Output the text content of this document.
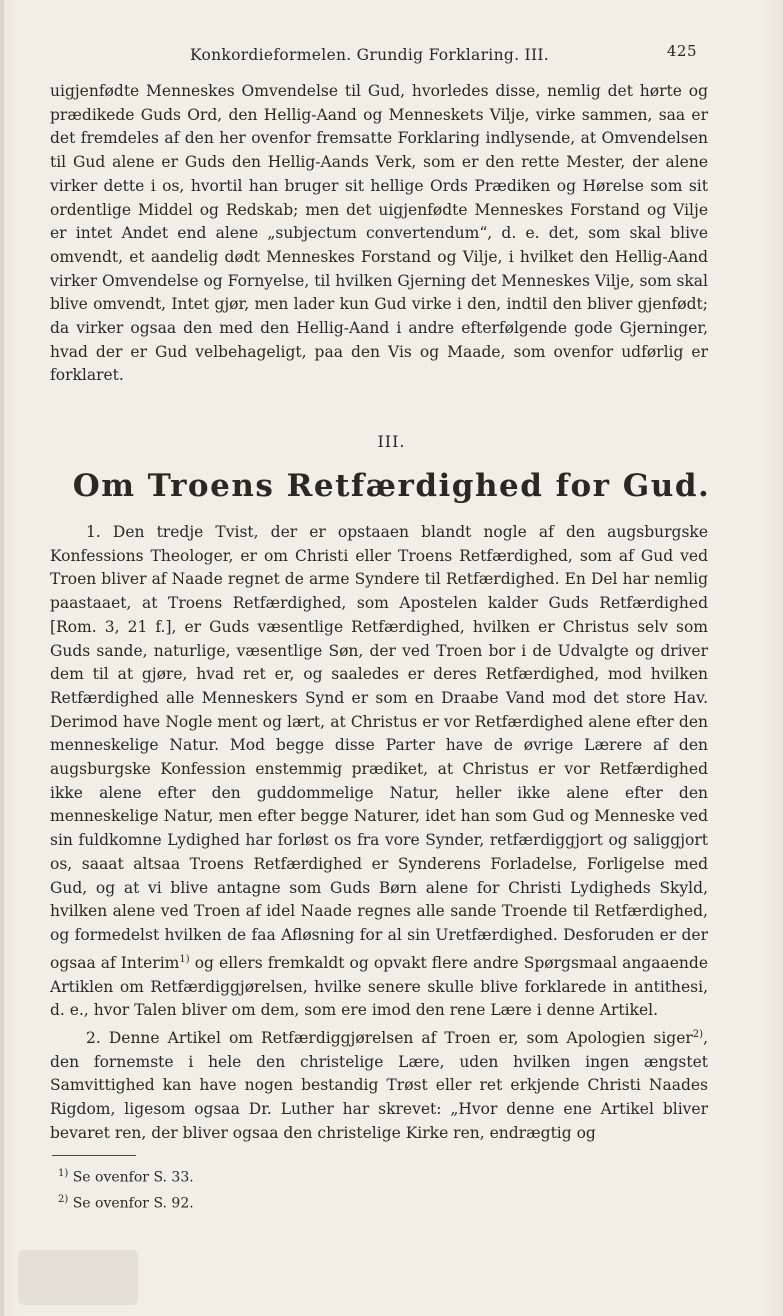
Konkordieformelen. Grundig Forklaring. III.	425

uigjenfødte Menneskes Omvendelse til Gud, hvorledes disse, nemlig det hørte og prædikede Guds Ord, den Hellig-Aand og Menneskets Vilje, virke sammen, saa er det fremdeles af den her ovenfor fremsatte Forklaring indlysende, at Omvendelsen til Gud alene er Guds den Hellig-Aands Verk, som er den rette Mester, der alene virker dette i os, hvortil han bruger sit hellige Ords Prædiken og Hørelse som sit ordentlige Middel og Redskab; men det uigjenfødte Menneskes Forstand og Vilje er intet Andet end alene „subjectum convertendum“, d. e. det, som skal blive omvendt, et aandelig dødt Menneskes Forstand og Vilje, i hvilket den Hellig-Aand virker Omvendelse og Fornyelse, til hvilken Gjerning det Menneskes Vilje, som skal blive omvendt, Intet gjør, men lader kun Gud virke i den, indtil den bliver gjenfødt; da virker ogsaa den med den Hellig-Aand i andre efterfølgende gode Gjerninger, hvad der er Gud velbehageligt, paa den Vis og Maade, som ovenfor udførlig er forklaret.

III.
Om Troens Retfærdighed for Gud.

1. Den tredje Tvist, der er opstaaen blandt nogle af den augsburgske Konfessions Theologer, er om Christi eller Troens Retfærdighed, som af Gud ved Troen bliver af Naade regnet de arme Syndere til Retfærdighed. En Del har nemlig paastaaet, at Troens Retfærdighed, som Apostelen kalder Guds Retfærdighed [Rom. 3, 21 f.], er Guds væsentlige Retfærdighed, hvilken er Christus selv som Guds sande, naturlige, væsentlige Søn, der ved Troen bor i de Udvalgte og driver dem til at gjøre, hvad ret er, og saaledes er deres Retfærdighed, mod hvilken Retfærdighed alle Menneskers Synd er som en Draabe Vand mod det store Hav. Derimod have Nogle ment og lært, at Christus er vor Retfærdighed alene efter den menneskelige Natur. Mod begge disse Parter have de øvrige Lærere af den augsburgske Konfession enstemmig prædiket, at Christus er vor Retfærdighed ikke alene efter den guddommelige Natur, heller ikke alene efter den menneskelige Natur, men efter begge Naturer, idet han som Gud og Menneske ved sin fuldkomne Lydighed har forløst os fra vore Synder, retfærdiggjort og saliggjort os, saaat altsaa Troens Retfærdighed er Synderens Forladelse, Forligelse med Gud, og at vi blive antagne som Guds Børn alene for Christi Lydigheds Skyld, hvilken alene ved Troen af idel Naade regnes alle sande Troende til Retfærdighed, og formedelst hvilken de faa Afløsning for al sin Uretfærdighed. Desforuden er der ogsaa af Interim$^{1)}$ og ellers fremkaldt og opvakt flere andre Spørgsmaal angaaende Artiklen om Retfærdiggjørelsen, hvilke senere skulle blive forklarede in antithesi, d. e., hvor Talen bliver om dem, som ere imod den rene Lære i denne Artikel.

2. Denne Artikel om Retfærdiggjørelsen af Troen er, som Apologien siger$^{2)}$, den fornemste i hele den christelige Lære, uden hvilken ingen ængstet Samvittighed kan have nogen bestandig Trøst eller ret erkjende Christi Naades Rigdom, ligesom ogsaa Dr. Luther har skrevet: „Hvor denne ene Artikel bliver bevaret ren, der bliver ogsaa den christelige Kirke ren, endrægtig og

$^{1)}$ Se ovenfor S. 33.

$^{2)}$ Se ovenfor S. 92.
